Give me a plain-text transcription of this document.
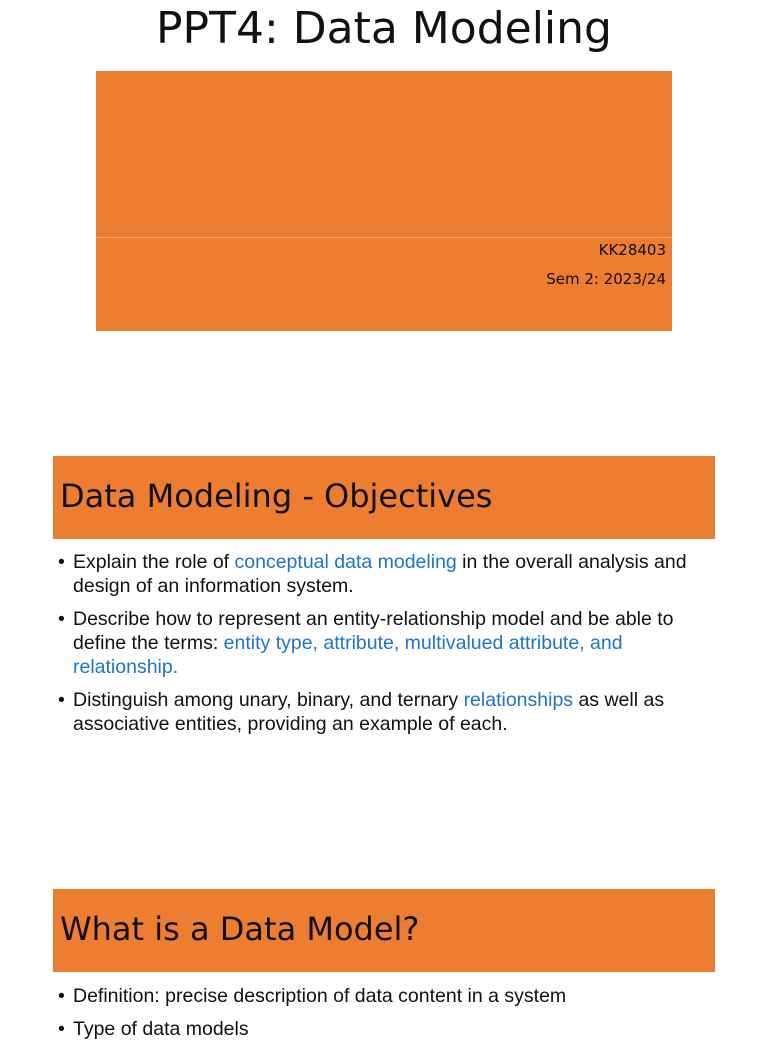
PPT4: Data Modeling
KK28403
Sem 2: 2023/24
Data Modeling - Objectives
• Explain the role of conceptual data modeling in the overall analysis and design of an information system.
• Describe how to represent an entity-relationship model and be able to define the terms: entity type, attribute, multivalued attribute, and relationship.
• Distinguish among unary, binary, and ternary relationships as well as associative entities, providing an example of each.
What is a Data Model?
• Definition: precise description of data content in a system
• Type of data models
